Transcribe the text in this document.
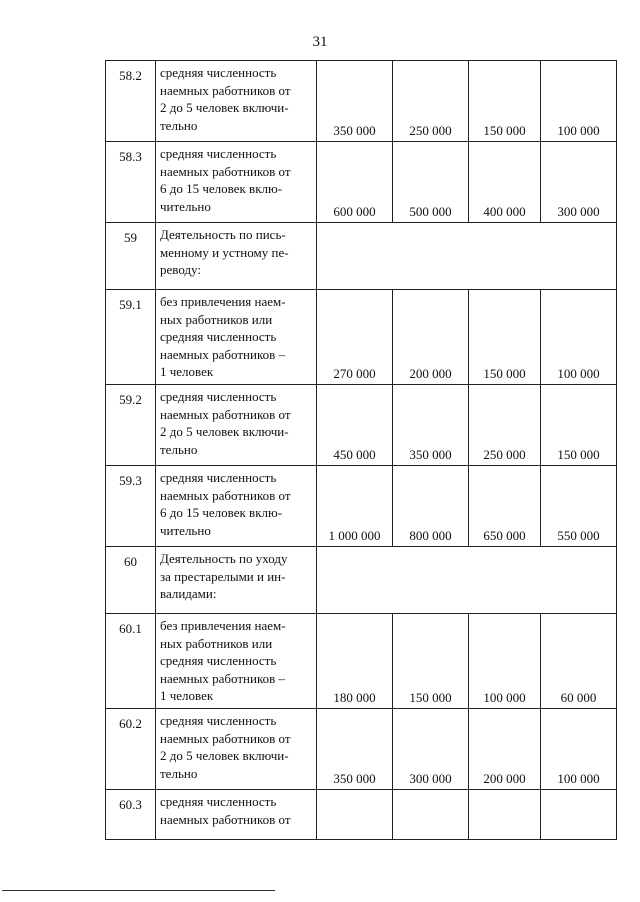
31
58.2	средняя численность
наемных работников от
2 до 5 человек включи-
тельно	350 000	250 000	150 000	100 000
58.3	средняя численность
наемных работников от
6 до 15 человек вклю-
чительно	600 000	500 000	400 000	300 000
59	Деятельность по пись-
менному и устному пе-
реводу:				
59.1	без привлечения наем-
ных работников или
средняя численность
наемных работников –
1 человек	270 000	200 000	150 000	100 000
59.2	средняя численность
наемных работников от
2 до 5 человек включи-
тельно	450 000	350 000	250 000	150 000
59.3	средняя численность
наемных работников от
6 до 15 человек вклю-
чительно	1 000 000	800 000	650 000	550 000
60	Деятельность по уходу
за престарелыми и ин-
валидами:				
60.1	без привлечения наем-
ных работников или
средняя численность
наемных работников –
1 человек	180 000	150 000	100 000	60 000
60.2	средняя численность
наемных работников от
2 до 5 человек включи-
тельно	350 000	300 000	200 000	100 000
60.3	средняя численность
наемных работников от				
